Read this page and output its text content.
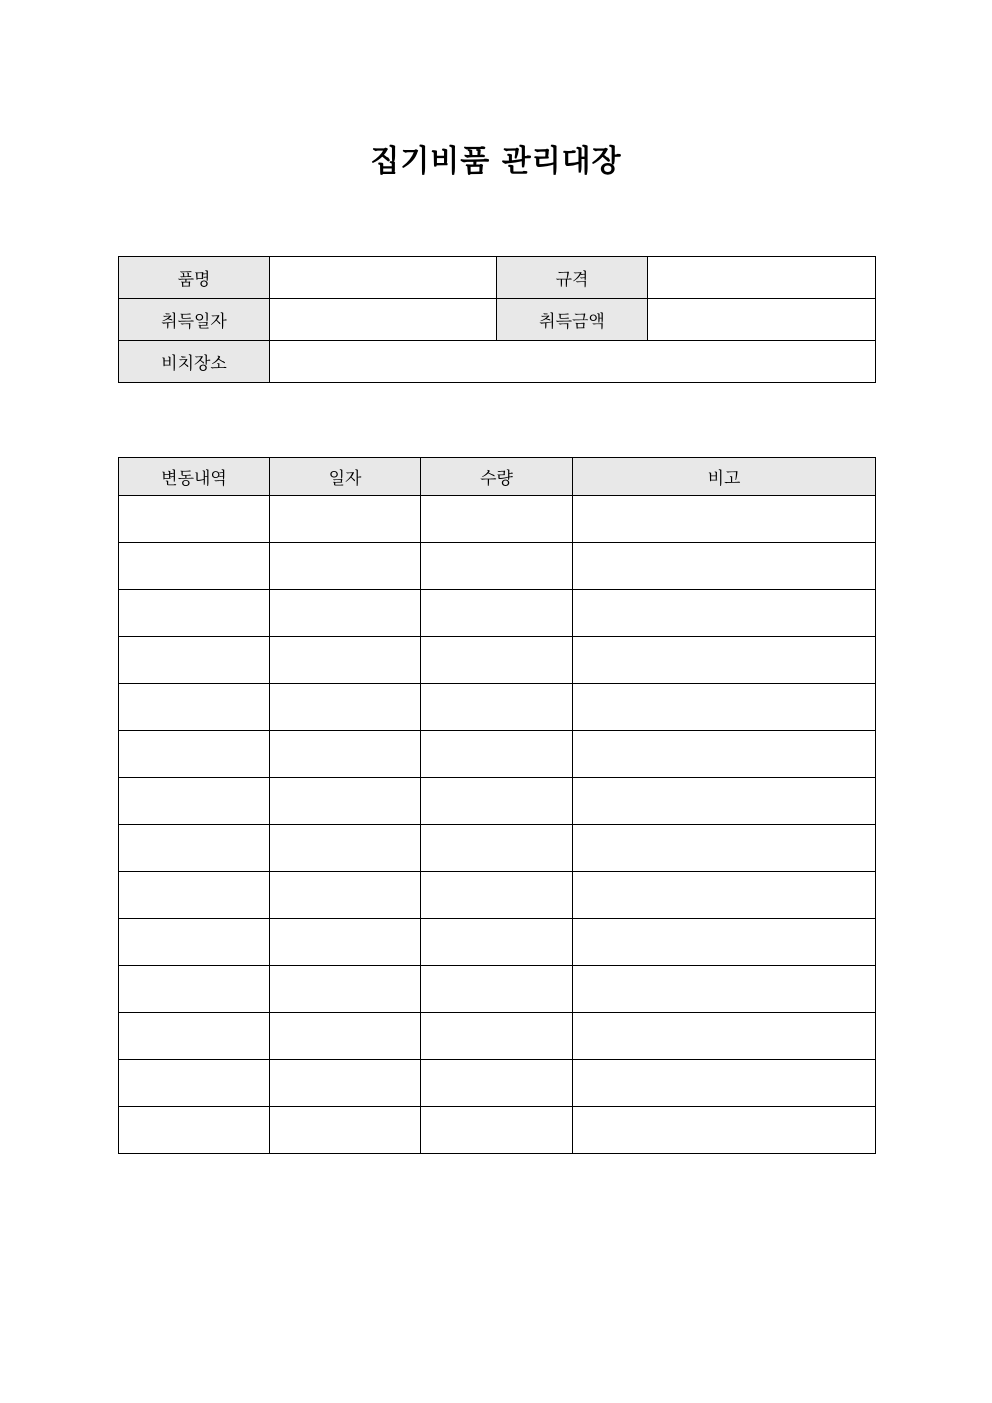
집기비품 관리대장
품명		규격	
취득일자		취득금액	
비치장소			
변동내역	일자	수량	비고
